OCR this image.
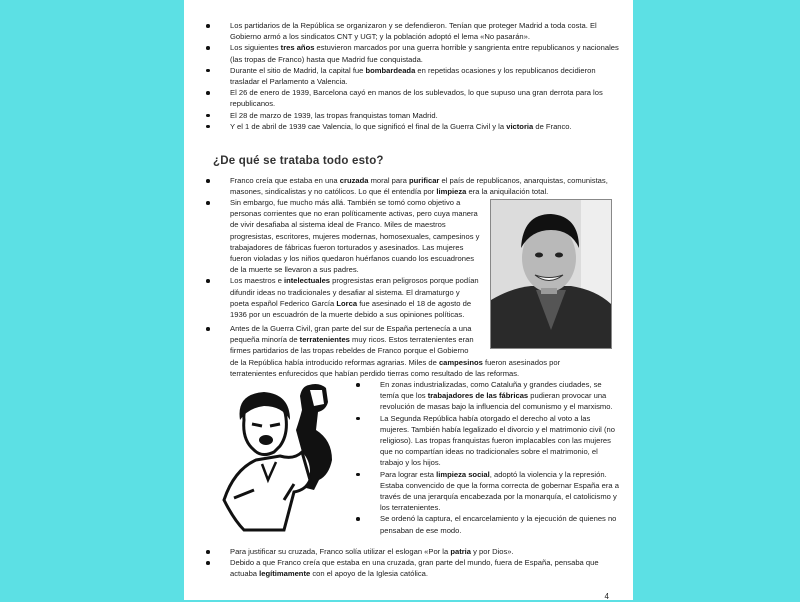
Los partidarios de la República se organizaron y se defendieron. Tenían que proteger Madrid a toda costa. El Gobierno armó a los sindicatos CNT y UGT; y la población adoptó el lema «No pasarán».
Los siguientes tres años estuvieron marcados por una guerra horrible y sangrienta entre republicanos y nacionales (las tropas de Franco) hasta que Madrid fue conquistada.
Durante el sitio de Madrid, la capital fue bombardeada en repetidas ocasiones y los republicanos decidieron trasladar el Parlamento a Valencia.
El 26 de enero de 1939, Barcelona cayó en manos de los sublevados, lo que supuso una gran derrota para los republicanos.
El 28 de marzo de 1939, las tropas franquistas toman Madrid.
Y el 1 de abril de 1939 cae Valencia, lo que significó el final de la Guerra Civil y la victoria de Franco.
¿De qué se trataba todo esto?
Franco creía que estaba en una cruzada moral para purificar el país de republicanos, anarquistas, comunistas, masones, sindicalistas y no católicos. Lo que él entendía por limpieza era la aniquilación total.
Sin embargo, fue mucho más allá. También se tomó como objetivo a personas corrientes que no eran políticamente activas, pero cuya manera de vivir desafiaba al sistema ideal de Franco. Miles de maestros progresistas, escritores, mujeres modernas, homosexuales, campesinos y trabajadores de fábricas fueron torturados y asesinados. Las mujeres fueron violadas y los niños quedaron huérfanos cuando los escuadrones de la muerte se llevaron a sus padres.
Los maestros e intelectuales progresistas eran peligrosos porque podían difundir ideas no tradicionales y desafiar al sistema. El dramaturgo y poeta español Federico García Lorca fue asesinado el 18 de agosto de 1936 por un escuadrón de la muerte debido a sus opiniones políticas.
Antes de la Guerra Civil, gran parte del sur de España pertenecía a una
pequeña minoría de terratenientes muy ricos. Estos terratenientes eran
firmes partidarios de las tropas rebeldes de Franco porque el Gobierno
de la República había introducido reformas agrarias. Miles de campesinos fueron asesinados por
terratenientes enfurecidos que habían perdido tierras como resultado de las reformas.
En zonas industrializadas, como Cataluña y grandes ciudades, se temía que los trabajadores de las fábricas pudieran provocar una revolución de masas bajo la influencia del comunismo y el marxismo.
La Segunda República había otorgado el derecho al voto a las mujeres. También había legalizado el divorcio y el matrimonio civil (no religioso). Las tropas franquistas fueron implacables con las mujeres que no compartían ideas no tradicionales sobre el matrimonio, el trabajo y los hijos.
Para lograr esta limpieza social, adoptó la violencia y la represión. Estaba convencido de que la forma correcta de gobernar España era a través de una jerarquía encabezada por la monarquía, el catolicismo y los terratenientes.
Se ordenó la captura, el encarcelamiento y la ejecución de quienes no pensaban de ese modo.
Para justificar su cruzada, Franco solía utilizar el eslogan «Por la patria y por Dios».
Debido a que Franco creía que estaba en una cruzada, gran parte del mundo, fuera de España, pensaba que actuaba legítimamente con el apoyo de la Iglesia católica.
4
